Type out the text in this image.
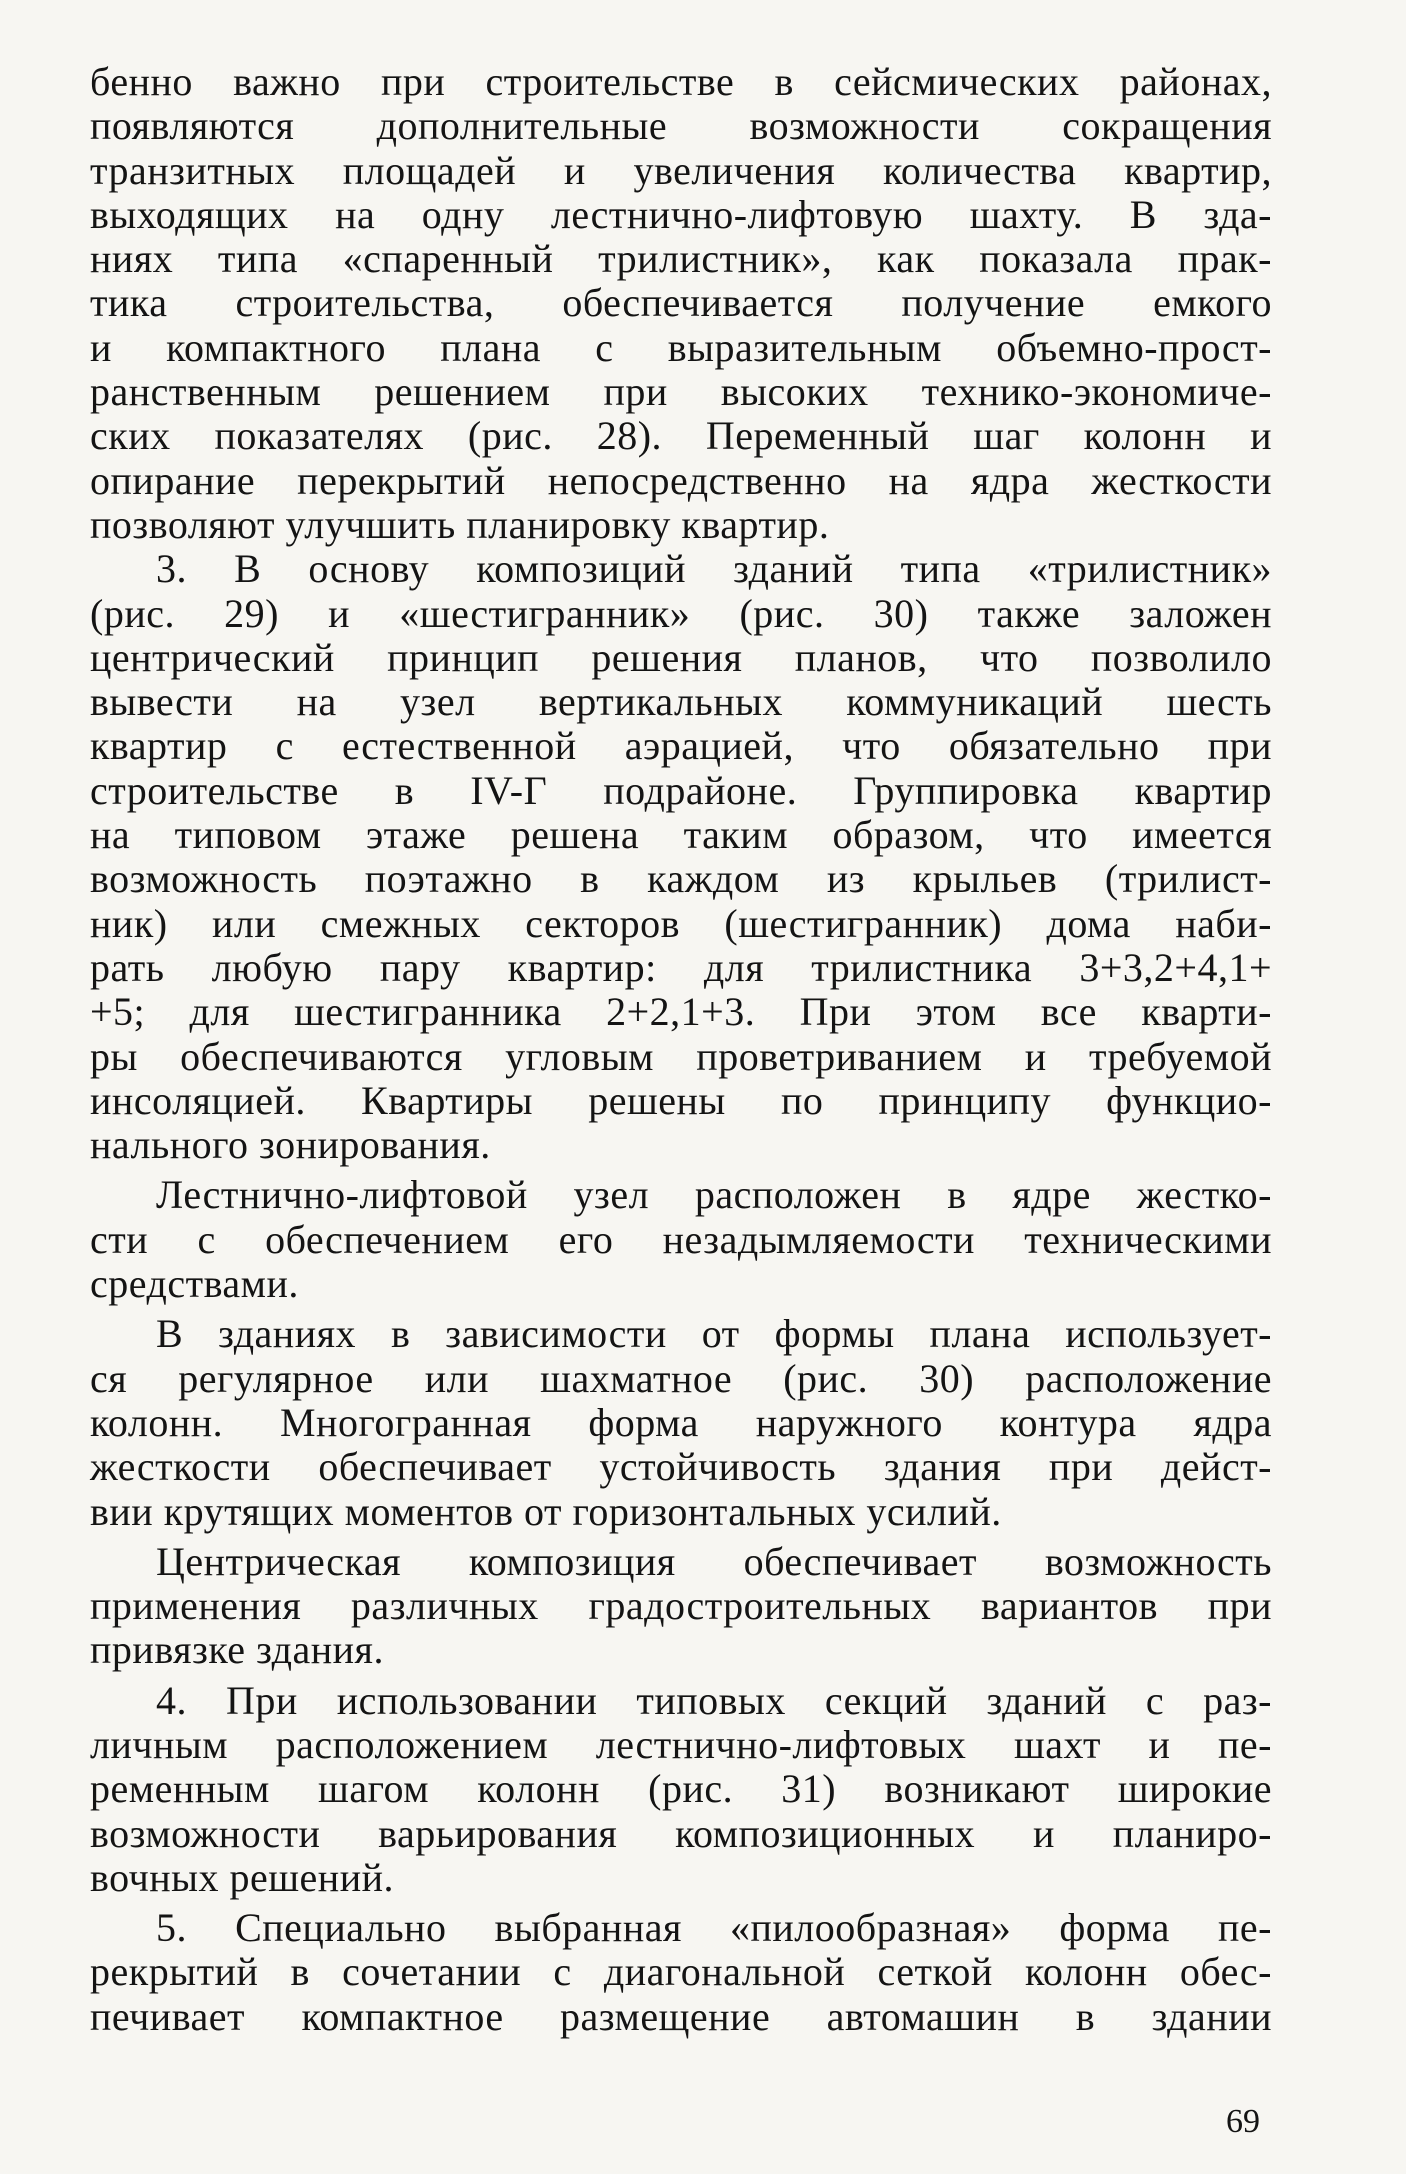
бенно важно при строительстве в сейсмических районах,
появляются дополнительные возможности сокращения
транзитных площадей и увеличения количества квартир,
выходящих на одну лестнично-лифтовую шахту. В зда-
ниях типа «спаренный трилистник», как показала прак-
тика строительства, обеспечивается получение емкого
и компактного плана с выразительным объемно-прост-
ранственным решением при высоких технико-экономиче-
ских показателях (рис. 28). Переменный шаг колонн и
опирание перекрытий непосредственно на ядра жесткости
позволяют улучшить планировку квартир.
3. В основу композиций зданий типа «трилистник»
(рис. 29) и «шестигранник» (рис. 30) также заложен
центрический принцип решения планов, что позволило
вывести на узел вертикальных коммуникаций шесть
квартир с естественной аэрацией, что обязательно при
строительстве в IV-Г подрайоне. Группировка квартир
на типовом этаже решена таким образом, что имеется
возможность поэтажно в каждом из крыльев (трилист-
ник) или смежных секторов (шестигранник) дома наби-
рать любую пару квартир: для трилистника 3+3,2+4,1+
+5; для шестигранника 2+2,1+3. При этом все кварти-
ры обеспечиваются угловым проветриванием и требуемой
инсоляцией. Квартиры решены по принципу функцио-
нального зонирования.
Лестнично-лифтовой узел расположен в ядре жестко-
сти с обеспечением его незадымляемости техническими
средствами.
В зданиях в зависимости от формы плана использует-
ся регулярное или шахматное (рис. 30) расположение
колонн. Многогранная форма наружного контура ядра
жесткости обеспечивает устойчивость здания при дейст-
вии крутящих моментов от горизонтальных усилий.
Центрическая композиция обеспечивает возможность
применения различных градостроительных вариантов при
привязке здания.
4. При использовании типовых секций зданий с раз-
личным расположением лестнично-лифтовых шахт и пе-
ременным шагом колонн (рис. 31) возникают широкие
возможности варьирования композиционных и планиро-
вочных решений.
5. Специально выбранная «пилообразная» форма пе-
рекрытий в сочетании с диагональной сеткой колонн обес-
печивает компактное размещение автомашин в здании
69
